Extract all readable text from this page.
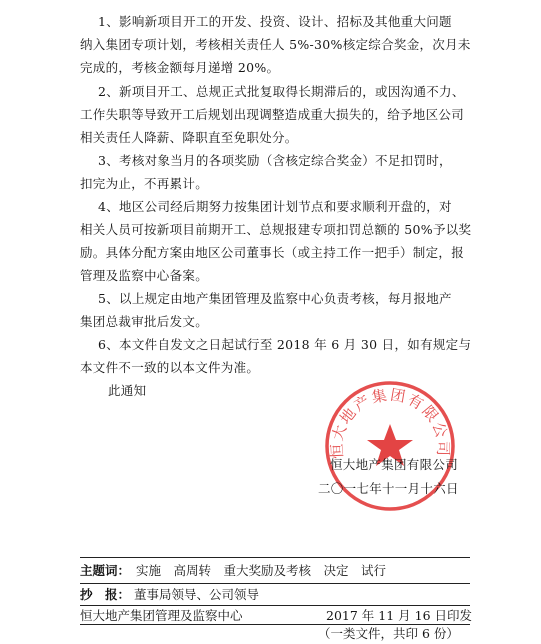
1、影响新项目开工的开发、投资、设计、招标及其他重大问题
纳入集团专项计划，考核相关责任人 5%-30%核定综合奖金，次月未
完成的，考核金额每月递增 20%。
2、新项目开工、总规正式批复取得长期滞后的，或因沟通不力、
工作失职等导致开工后规划出现调整造成重大损失的，给予地区公司
相关责任人降薪、降职直至免职处分。
3、考核对象当月的各项奖励（含核定综合奖金）不足扣罚时，
扣完为止，不再累计。
4、地区公司经后期努力按集团计划节点和要求顺利开盘的，对
相关人员可按新项目前期开工、总规报建专项扣罚总额的 50%予以奖
励。具体分配方案由地区公司董事长（或主持工作一把手）制定，报
管理及监察中心备案。
5、以上规定由地产集团管理及监察中心负责考核，每月报地产
集团总裁审批后发文。
6、本文件自发文之日起试行至 2018 年 6 月 30 日，如有规定与
本文件不一致的以本文件为准。
此通知
恒大地产集团有限公司
恒大地产集团有限公司
二〇一七年十一月十六日
主题词： 实施　高周转　重大奖励及考核　决定　试行
抄　报： 董事局领导、公司领导
恒大地产集团管理及监察中心	2017 年 11 月 16 日印发
（一类文件，共印 6 份）
